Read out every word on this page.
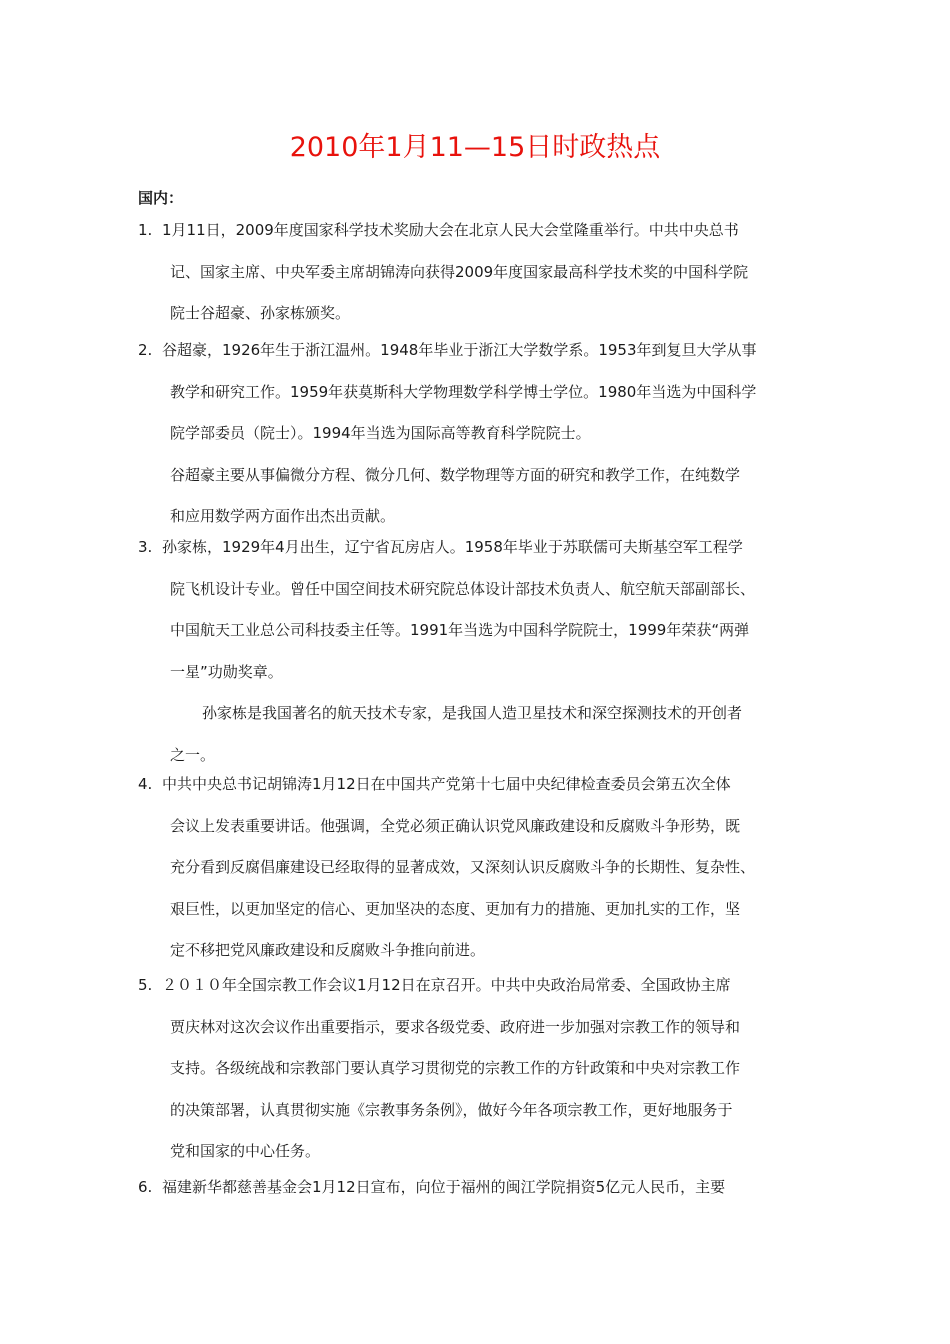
2010年1月11—15日时政热点
国内：
1. 1月11日，2009年度国家科学技术奖励大会在北京人民大会堂隆重举行。中共中央总书
记、国家主席、中央军委主席胡锦涛向获得2009年度国家最高科学技术奖的中国科学院
院士谷超豪、孙家栋颁奖。
2. 谷超豪，1926年生于浙江温州。1948年毕业于浙江大学数学系。1953年到复旦大学从事
教学和研究工作。1959年获莫斯科大学物理数学科学博士学位。1980年当选为中国科学
院学部委员（院士）。1994年当选为国际高等教育科学院院士。
谷超豪主要从事偏微分方程、微分几何、数学物理等方面的研究和教学工作，在纯数学
和应用数学两方面作出杰出贡献。
3. 孙家栋，1929年4月出生，辽宁省瓦房店人。1958年毕业于苏联儒可夫斯基空军工程学
院飞机设计专业。曾任中国空间技术研究院总体设计部技术负责人、航空航天部副部长、
中国航天工业总公司科技委主任等。1991年当选为中国科学院院士，1999年荣获“两弹
一星”功勋奖章。
孙家栋是我国著名的航天技术专家，是我国人造卫星技术和深空探测技术的开创者
之一。
4. 中共中央总书记胡锦涛1月12日在中国共产党第十七届中央纪律检查委员会第五次全体
会议上发表重要讲话。他强调，全党必须正确认识党风廉政建设和反腐败斗争形势，既
充分看到反腐倡廉建设已经取得的显著成效，又深刻认识反腐败斗争的长期性、复杂性、
艰巨性，以更加坚定的信心、更加坚决的态度、更加有力的措施、更加扎实的工作，坚
定不移把党风廉政建设和反腐败斗争推向前进。
5. ２０１０年全国宗教工作会议1月12日在京召开。中共中央政治局常委、全国政协主席
贾庆林对这次会议作出重要指示，要求各级党委、政府进一步加强对宗教工作的领导和
支持。各级统战和宗教部门要认真学习贯彻党的宗教工作的方针政策和中央对宗教工作
的决策部署，认真贯彻实施《宗教事务条例》，做好今年各项宗教工作，更好地服务于
党和国家的中心任务。
6. 福建新华都慈善基金会1月12日宣布，向位于福州的闽江学院捐资5亿元人民币，主要
